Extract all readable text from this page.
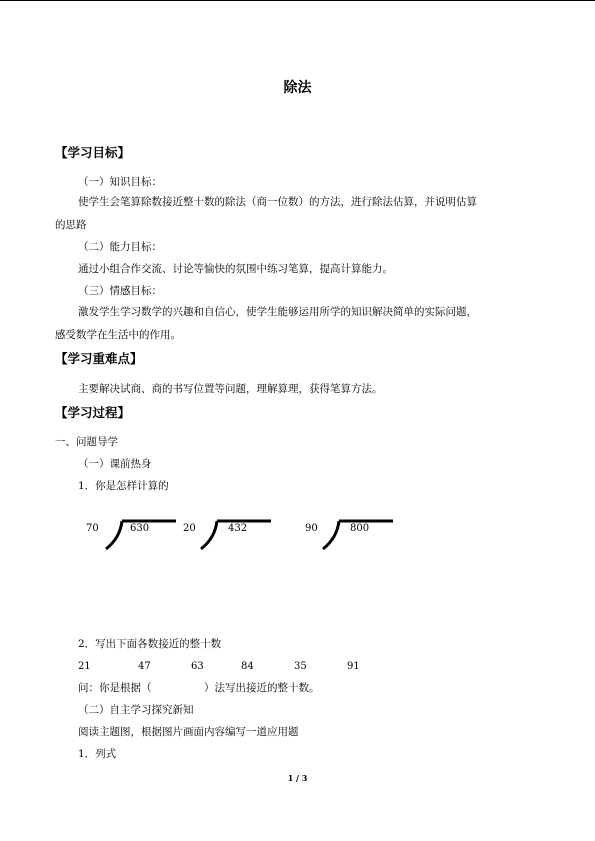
除法
【学习目标】
（一）知识目标：
使学生会笔算除数接近整十数的除法（商一位数）的方法，进行除法估算，并说明估算
的思路
（二）能力目标：
通过小组合作交流、讨论等愉快的氛围中练习笔算，提高计算能力。
（三）情感目标：
激发学生学习数学的兴趣和自信心，使学生能够运用所学的知识解决简单的实际问题，
感受数学在生活中的作用。
【学习重难点】
主要解决试商、商的书写位置等问题，理解算理，获得笔算方法。
【学习过程】
一、问题导学
（一）课前热身
1．你是怎样计算的
70	630	20	432	90	800
2．写出下面各数接近的整十数
21	47	63	84	35	91
问：你是根据（　　　　　）法写出接近的整十数。
（二）自主学习探究新知
阅读主题图，根据图片画面内容编写一道应用题
1．列式
1 / 3
